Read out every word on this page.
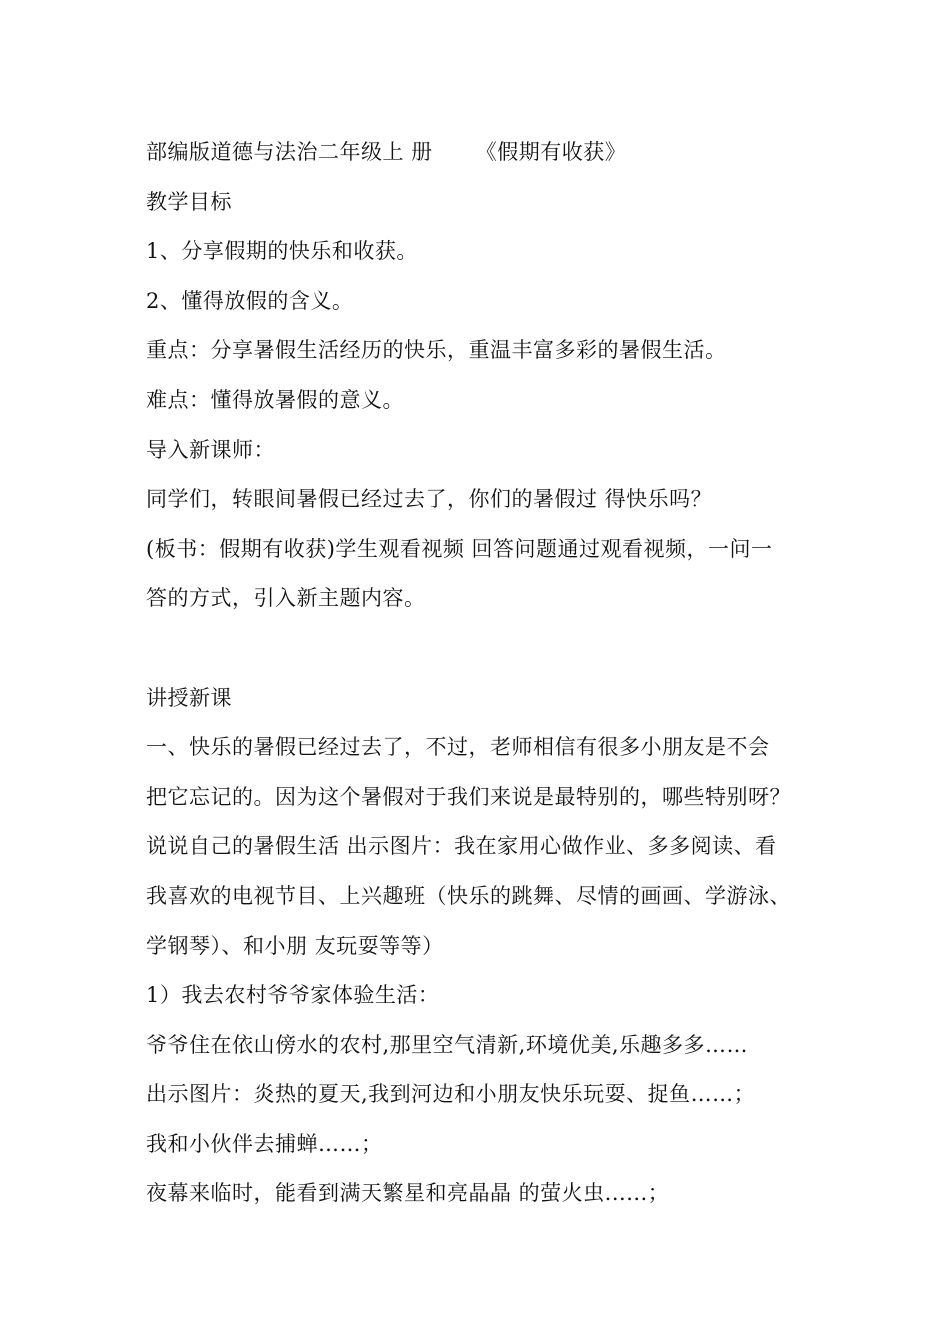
部编版道德与法治二年级上 册      《假期有收获》
教学目标
1、分享假期的快乐和收获。
2、懂得放假的含义。
重点：分享暑假生活经历的快乐，重温丰富多彩的暑假生活。
难点：懂得放暑假的意义。
导入新课师：
同学们，转眼间暑假已经过去了，你们的暑假过 得快乐吗？
(板书：假期有收获)学生观看视频 回答问题通过观看视频，一问一
答的方式，引入新主题内容。
讲授新课
一、快乐的暑假已经过去了，不过，老师相信有很多小朋友是不会
把它忘记的。因为这个暑假对于我们来说是最特别的，哪些特别呀？
说说自己的暑假生活 出示图片：我在家用心做作业、多多阅读、看
我喜欢的电视节目、上兴趣班（快乐的跳舞、尽情的画画、学游泳、
学钢琴）、和小朋 友玩耍等等）
1）我去农村爷爷家体验生活：
爷爷住在依山傍水的农村,那里空气清新,环境优美,乐趣多多……
出示图片：炎热的夏天,我到河边和小朋友快乐玩耍、捉鱼……；
我和小伙伴去捕蝉……；
夜幕来临时，能看到满天繁星和亮晶晶 的萤火虫......；
